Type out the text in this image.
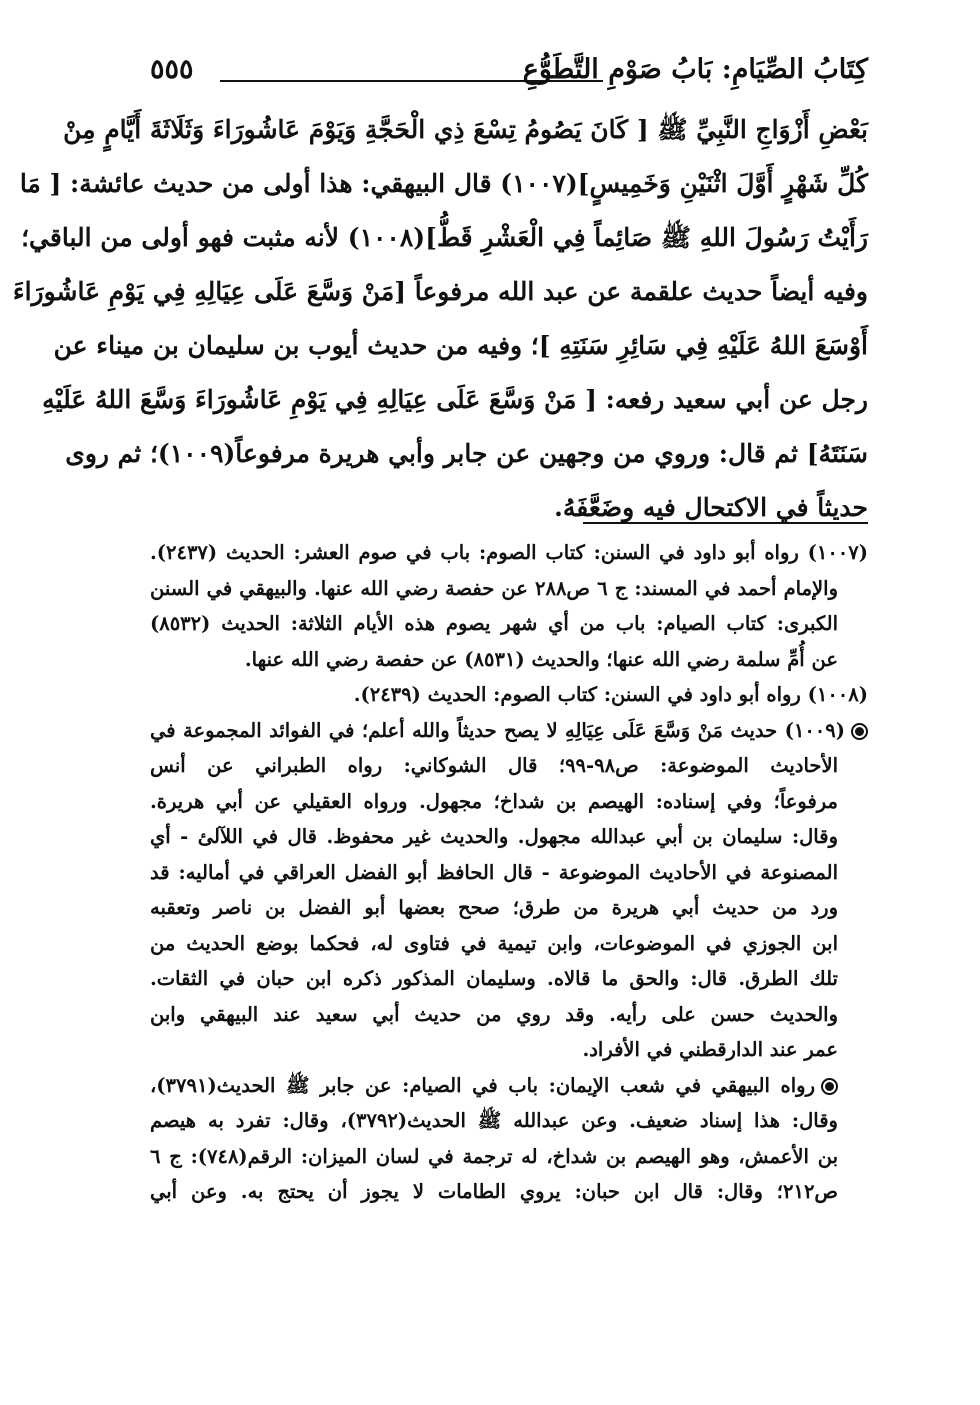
كِتَابُ الصِّيَامِ: بَابُ صَوْمِ التَّطَوُّعِ
٥٥٥
بَعْضِ أَزْوَاجِ النَّبِيِّ ﷺ [ كَانَ يَصُومُ تِسْعَ ذِي الْحَجَّةِ وَيَوْمَ عَاشُورَاءَ وَثَلَاثَةَ أَيَّامٍ مِنْ
كُلِّ شَهْرٍ أَوَّلَ اثْنَيْنِ وَخَمِيسٍ](١٠٠٧) قال البيهقي: هذا أولى من حديث عائشة: [ مَا
رَأَيْتُ رَسُولَ اللهِ ﷺ صَائِماً فِي الْعَشْرِ قَطُّ](١٠٠٨) لأنه مثبت فهو أولى من الباقي؛
وفيه أيضاً حديث علقمة عن عبد الله مرفوعاً [مَنْ وَسَّعَ عَلَى عِيَالِهِ فِي يَوْمِ عَاشُورَاءَ
أَوْسَعَ اللهُ عَلَيْهِ فِي سَائِرِ سَنَتِهِ ]؛ وفيه من حديث أيوب بن سليمان بن ميناء عن
رجل عن أبي سعيد رفعه: [ مَنْ وَسَّعَ عَلَى عِيَالِهِ فِي يَوْمِ عَاشُورَاءَ وَسَّعَ اللهُ عَلَيْهِ
سَنَتَهُ] ثم قال: وروي من وجهين عن جابر وأبي هريرة مرفوعاً(١٠٠٩)؛ ثم روى
حديثاً في الاكتحال فيه وضَعَّفَهُ.
(١٠٠٧) رواه أبو داود في السنن: كتاب الصوم: باب في صوم العشر: الحديث (٢٤٣٧).
والإمام أحمد في المسند: ج ٦ ص٢٨٨ عن حفصة رضي الله عنها. والبيهقي في السنن
الكبرى: كتاب الصيام: باب من أي شهر يصوم هذه الأيام الثلاثة: الحديث (٨٥٣٢)
عن أُمِّ سلمة رضي الله عنها؛ والحديث (٨٥٣١) عن حفصة رضي الله عنها.
(١٠٠٨) رواه أبو داود في السنن: كتاب الصوم: الحديث (٢٤٣٩).
(١٠٠٩) حديث مَنْ وَسَّعَ عَلَى عِيَالِهِ لا يصح حديثاً والله أعلم؛ في الفوائد المجموعة في
الأحاديث الموضوعة: ص٩٨-٩٩؛ قال الشوكاني: رواه الطبراني عن أنس
مرفوعاً؛ وفي إسناده: الهيصم بن شداخ؛ مجهول. ورواه العقيلي عن أبي هريرة.
وقال: سليمان بن أبي عبدالله مجهول. والحديث غير محفوظ. قال في اللآلئ - أي
المصنوعة في الأحاديث الموضوعة - قال الحافظ أبو الفضل العراقي في أماليه: قد
ورد من حديث أبي هريرة من طرق؛ صحح بعضها أبو الفضل بن ناصر وتعقبه
ابن الجوزي في الموضوعات، وابن تيمية في فتاوى له، فحكما بوضع الحديث من
تلك الطرق. قال: والحق ما قالاه. وسليمان المذكور ذكره ابن حبان في الثقات.
والحديث حسن على رأيه. وقد روي من حديث أبي سعيد عند البيهقي وابن
عمر عند الدارقطني في الأفراد.
رواه البيهقي في شعب الإيمان: باب في الصيام: عن جابر ﷺ الحديث(٣٧٩١)،
وقال: هذا إسناد ضعيف. وعن عبدالله ﷺ الحديث(٣٧٩٢)، وقال: تفرد به هيصم
بن الأعمش، وهو الهيصم بن شداخ، له ترجمة في لسان الميزان: الرقم(٧٤٨): ج ٦
ص٢١٢؛ وقال: قال ابن حبان: يروي الطامات لا يجوز أن يحتج به. وعن أبي
